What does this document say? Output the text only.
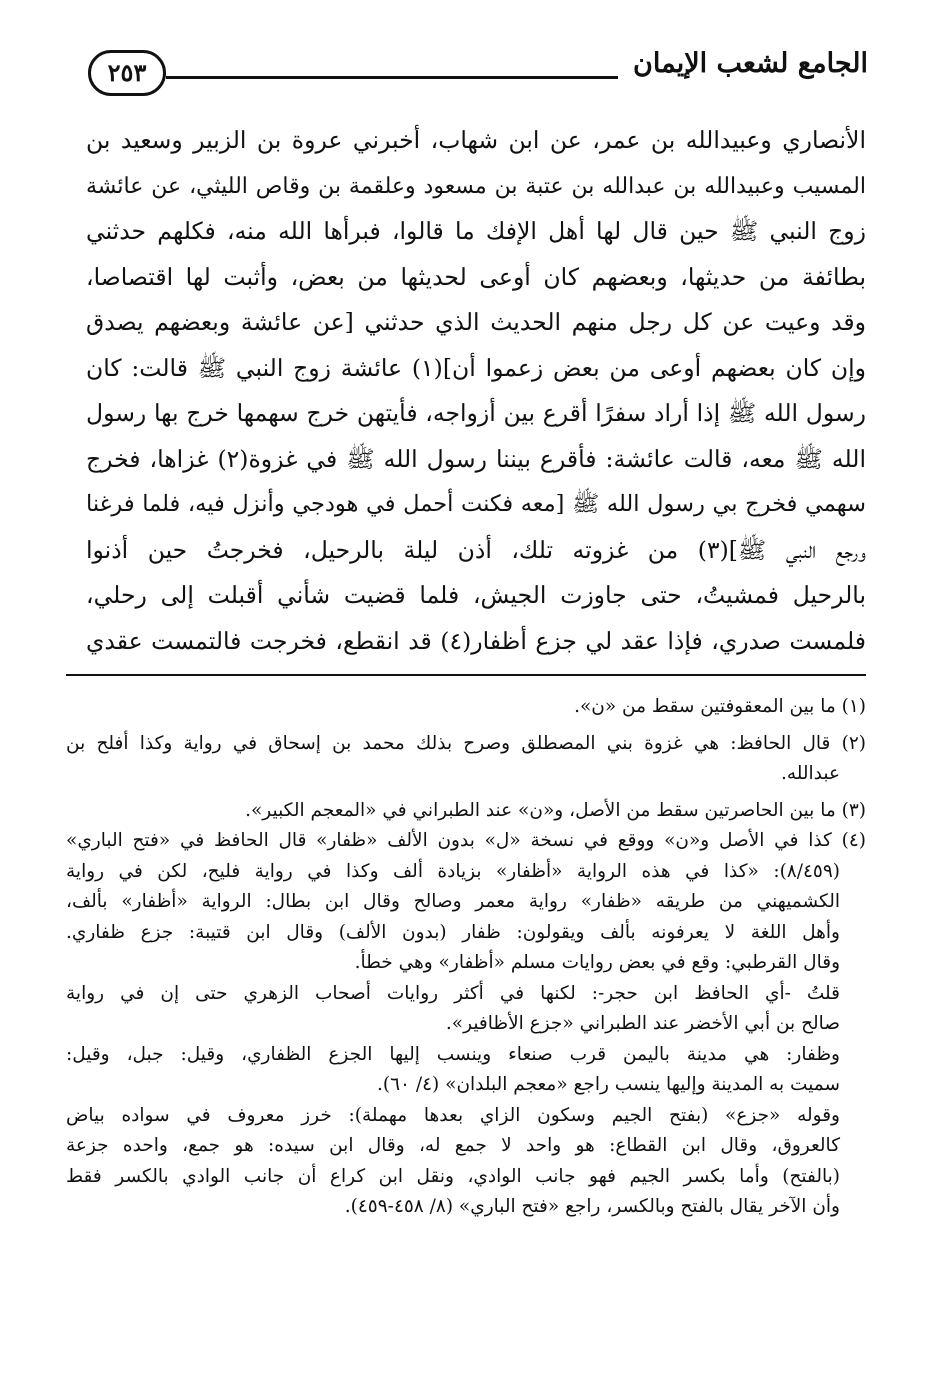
الجامع لشعب الإيمان
٢٥٣
الأنصاري وعبيدالله بن عمر، عن ابن شهاب، أخبرني عروة بن الزبير وسعيد بن
المسيب وعبيدالله بن عبدالله بن عتبة بن مسعود وعلقمة بن وقاص الليثي، عن عائشة
زوج النبي ﷺ حين قال لها أهل الإفك ما قالوا، فبرأها الله منه، فكلهم حدثني
بطائفة من حديثها، وبعضهم كان أوعى لحديثها من بعض، وأثبت لها اقتصاصا،
وقد وعيت عن كل رجل منهم الحديث الذي حدثني [عن عائشة وبعضهم يصدق
وإن كان بعضهم أوعى من بعض زعموا أن](١) عائشة زوج النبي ﷺ قالت: كان
رسول الله ﷺ إذا أراد سفرًا أقرع بين أزواجه، فأيتهن خرج سهمها خرج بها رسول
الله ﷺ معه، قالت عائشة: فأقرع بيننا رسول الله ﷺ في غزوة(٢) غزاها، فخرج
سهمي فخرج بي رسول الله ﷺ [معه فكنت أحمل في هودجي وأنزل فيه، فلما فرغنا
ورجع النبي ﷺ](٣) من غزوته تلك، أذن ليلة بالرحيل، فخرجتُ حين أذنوا
بالرحيل فمشيتُ، حتى جاوزت الجيش، فلما قضيت شأني أقبلت إلى رحلي،
فلمست صدري، فإذا عقد لي جزع أظفار(٤) قد انقطع، فخرجت فالتمست عقدي
(١) ما بين المعقوفتين سقط من «ن».
(٢) قال الحافظ: هي غزوة بني المصطلق وصرح بذلك محمد بن إسحاق في رواية وكذا أفلح بن
عبدالله.
(٣) ما بين الحاصرتين سقط من الأصل، و«ن» عند الطبراني في «المعجم الكبير».
(٤) كذا في الأصل و«ن» ووقع في نسخة «ل» بدون الألف «ظفار» قال الحافظ في «فتح الباري»
(٨/٤٥٩): «كذا في هذه الرواية «أظفار» بزيادة ألف وكذا في رواية فليح، لكن في رواية
الكشميهني من طريقه «ظفار» رواية معمر وصالح وقال ابن بطال: الرواية «أظفار» بألف،
وأهل اللغة لا يعرفونه بألف ويقولون: ظفار (بدون الألف) وقال ابن قتيبة: جزع ظفاري.
وقال القرطبي: وقع في بعض روايات مسلم «أظفار» وهي خطأ.
قلتُ -أي الحافظ ابن حجر-: لكنها في أكثر روايات أصحاب الزهري حتى إن في رواية
صالح بن أبي الأخضر عند الطبراني «جزع الأظافير».
وظفار: هي مدينة باليمن قرب صنعاء وينسب إليها الجزع الظفاري، وقيل: جبل، وقيل:
سميت به المدينة وإليها ينسب راجع «معجم البلدان» (٤/ ٦٠).
وقوله «جزع» (بفتح الجيم وسكون الزاي بعدها مهملة): خرز معروف في سواده بياض
كالعروق، وقال ابن القطاع: هو واحد لا جمع له، وقال ابن سيده: هو جمع، واحده جزعة
(بالفتح) وأما بكسر الجيم فهو جانب الوادي، ونقل ابن كراع أن جانب الوادي بالكسر فقط
وأن الآخر يقال بالفتح وبالكسر، راجع «فتح الباري» (٨/ ٤٥٨-٤٥٩).
